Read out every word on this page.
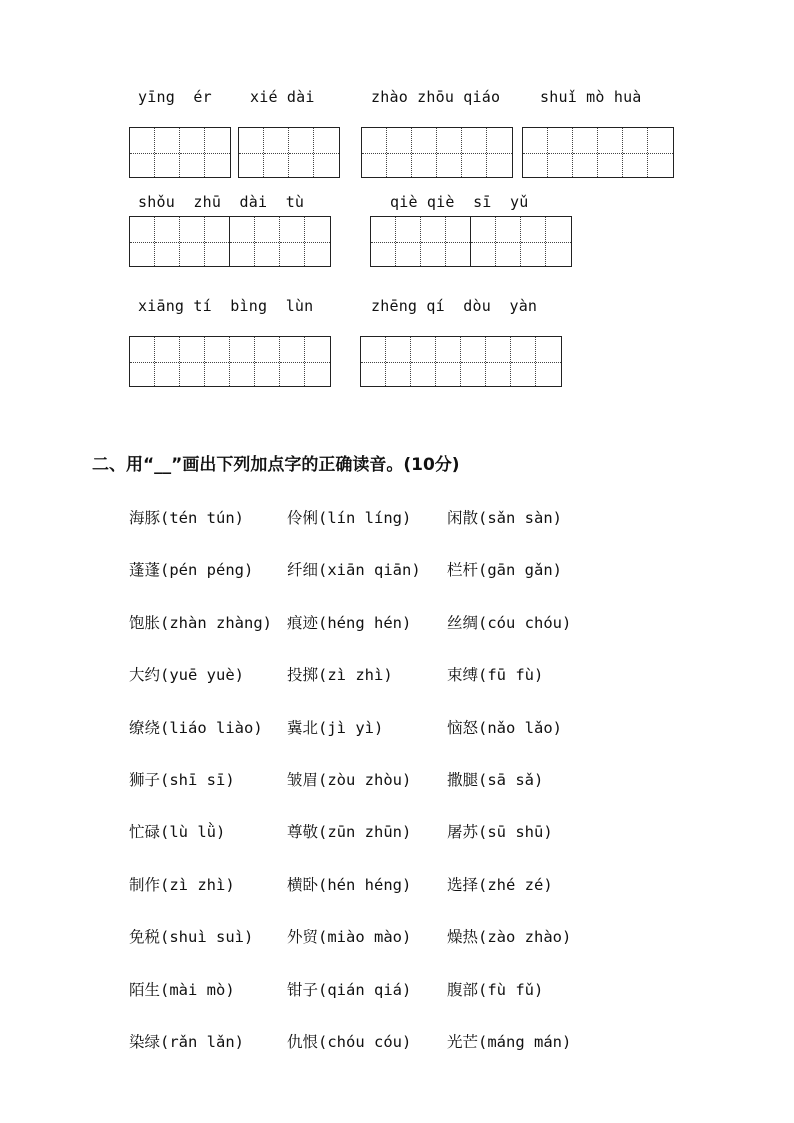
yīng  ér	xié dài	zhào zhōu qiáo	shuǐ mò huà
shǒu  zhū  dài  tù	qiè qiè  sī  yǔ
xiāng tí  bìng  lùn	zhēng qí  dòu  yàn
二、用“__”画出下列加点字的正确读音。(10分)
海豚(tén tún)	伶俐(lín líng) 闲散(sǎn sàn)
蓬蓬(pén péng) 纤细(xiān qiān) 栏杆(gān gǎn)
饱胀(zhàn zhàng) 痕迹(héng hén) 丝绸(cóu chóu)
大约(yuē yuè)	投掷(zì zhì)	束缚(fū fù)
缭绕(liáo liào) 冀北(jì yì)	恼怒(nǎo lǎo)
狮子(shī sī)	皱眉(zòu zhòu) 撒腿(sā sǎ)
忙碌(lù lǜ)	尊敬(zūn zhūn) 屠苏(sū shū)
制作(zì zhì)	横卧(hén héng) 选择(zhé zé)
免税(shuì suì) 外贸(miào mào) 燥热(zào zhào)
陌生(mài mò)	钳子(qián qiá) 腹部(fù fǔ)
染绿(rǎn lǎn)	仇恨(chóu cóu) 光芒(máng mán)
